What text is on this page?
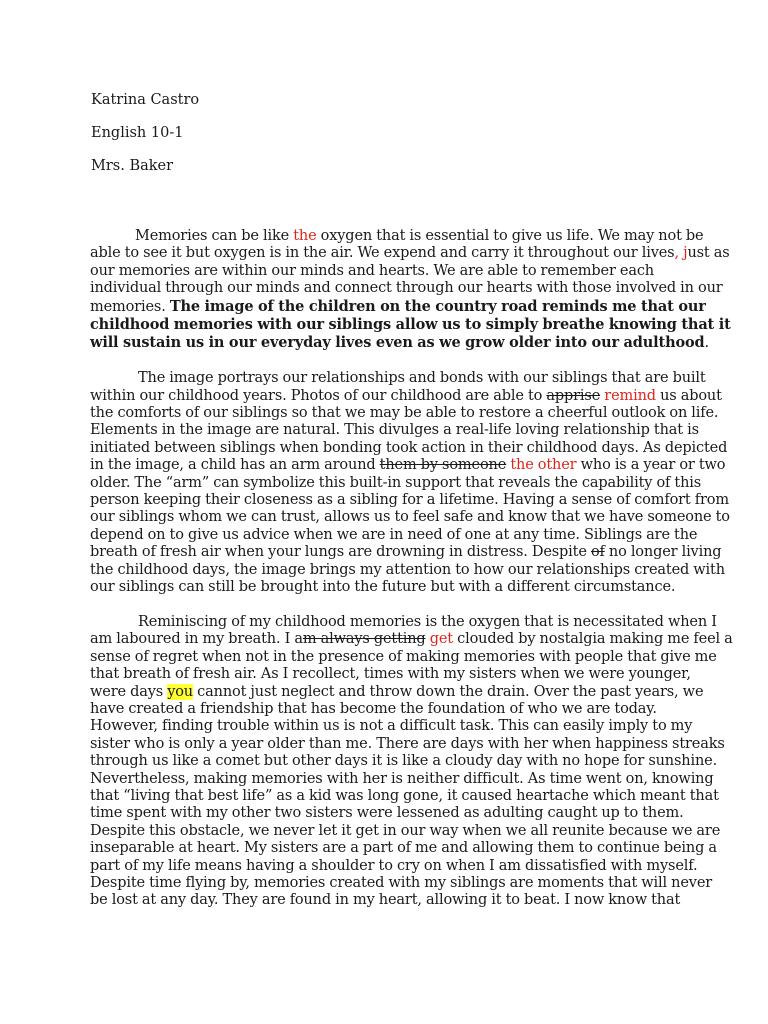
Katrina Castro
English 10-1
Mrs. Baker
Memories can be like the oxygen that is essential to give us life. We may not be
able to see it but oxygen is in the air. We expend and carry it throughout our lives, just as
our memories are within our minds and hearts. We are able to remember each
individual through our minds and connect through our hearts with those involved in our
memories. The image of the children on the country road reminds me that our
childhood memories with our siblings allow us to simply breathe knowing that it
will sustain us in our everyday lives even as we grow older into our adulthood.
The image portrays our relationships and bonds with our siblings that are built
within our childhood years. Photos of our childhood are able to apprise remind us about
the comforts of our siblings so that we may be able to restore a cheerful outlook on life.
Elements in the image are natural. This divulges a real-life loving relationship that is
initiated between siblings when bonding took action in their childhood days. As depicted
in the image, a child has an arm around them by someone the other who is a year or two
older. The “arm” can symbolize this built-in support that reveals the capability of this
person keeping their closeness as a sibling for a lifetime. Having a sense of comfort from
our siblings whom we can trust, allows us to feel safe and know that we have someone to
depend on to give us advice when we are in need of one at any time. Siblings are the
breath of fresh air when your lungs are drowning in distress. Despite of no longer living
the childhood days, the image brings my attention to how our relationships created with
our siblings can still be brought into the future but with a different circumstance.
Reminiscing of my childhood memories is the oxygen that is necessitated when I
am laboured in my breath. I am always getting get clouded by nostalgia making me feel a
sense of regret when not in the presence of making memories with people that give me
that breath of fresh air. As I recollect, times with my sisters when we were younger,
were days you cannot just neglect and throw down the drain. Over the past years, we
have created a friendship that has become the foundation of who we are today.
However, finding trouble within us is not a difficult task. This can easily imply to my
sister who is only a year older than me. There are days with her when happiness streaks
through us like a comet but other days it is like a cloudy day with no hope for sunshine.
Nevertheless, making memories with her is neither difficult. As time went on, knowing
that “living that best life” as a kid was long gone, it caused heartache which meant that
time spent with my other two sisters were lessened as adulting caught up to them.
Despite this obstacle, we never let it get in our way when we all reunite because we are
inseparable at heart. My sisters are a part of me and allowing them to continue being a
part of my life means having a shoulder to cry on when I am dissatisfied with myself.
Despite time flying by, memories created with my siblings are moments that will never
be lost at any day. They are found in my heart, allowing it to beat. I now know that
